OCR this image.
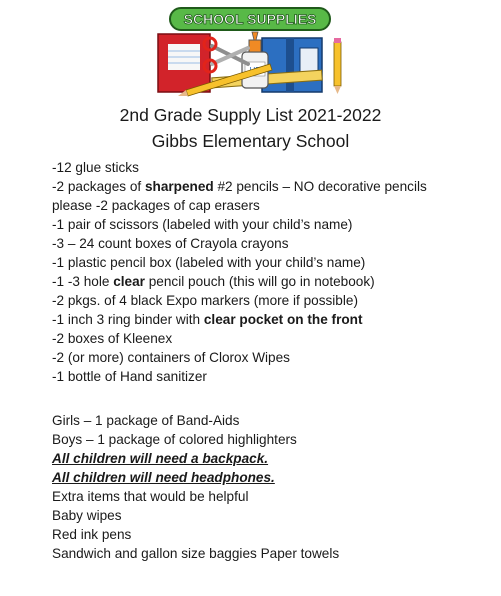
SCHOOL SUPPLIES
2nd Grade Supply List 2021-2022
Gibbs Elementary School
-12 glue sticks
-2 packages of sharpened #2 pencils – NO decorative pencils
please -2 packages of cap erasers
-1 pair of scissors (labeled with your child’s name)
-3 – 24 count boxes of Crayola crayons
-1 plastic pencil box (labeled with your child’s name)
-1 -3 hole clear pencil pouch (this will go in notebook)
-2 pkgs. of 4 black Expo markers (more if possible)
-1 inch 3 ring binder with clear pocket on the front
-2 boxes of Kleenex
-2 (or more) containers of Clorox Wipes
-1 bottle of Hand sanitizer
Girls – 1 package of Band-Aids
Boys – 1 package of colored highlighters
All children will need a backpack.
All children will need headphones.
Extra items that would be helpful
Baby wipes
Red ink pens
Sandwich and gallon size baggies Paper towels
